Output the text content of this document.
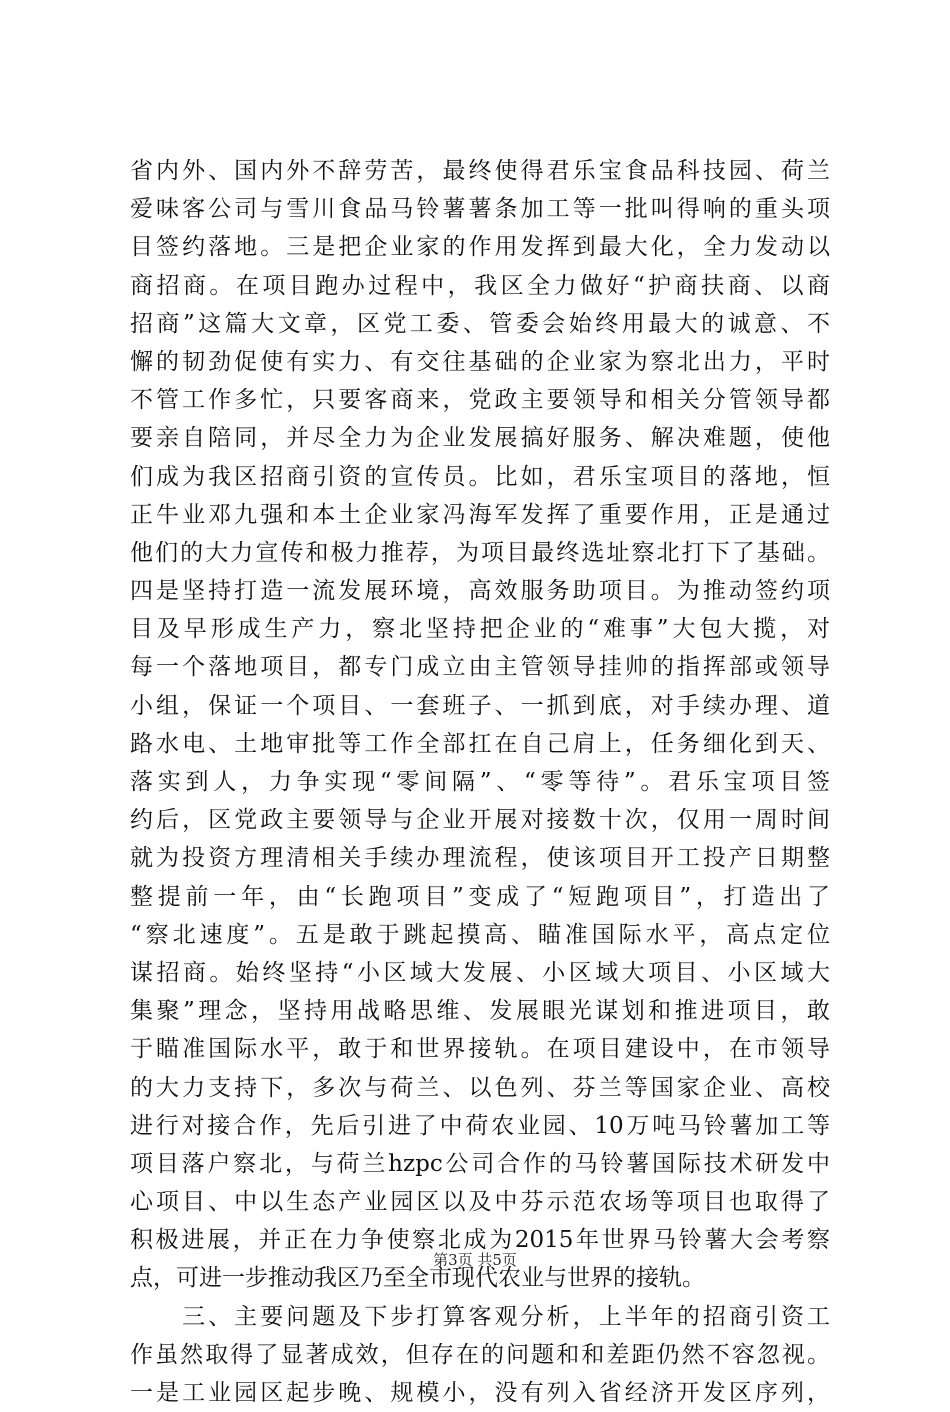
省内外、国内外不辞劳苦，最终使得君乐宝食品科技园、荷兰
爱味客公司与雪川食品马铃薯薯条加工等一批叫得响的重头项
目签约落地。三是把企业家的作用发挥到最大化，全力发动以
商招商。在项目跑办过程中，我区全力做好“护商扶商、以商
招商”这篇大文章，区党工委、管委会始终用最大的诚意、不
懈的韧劲促使有实力、有交往基础的企业家为察北出力，平时
不管工作多忙，只要客商来，党政主要领导和相关分管领导都
要亲自陪同，并尽全力为企业发展搞好服务、解决难题，使他
们成为我区招商引资的宣传员。比如，君乐宝项目的落地，恒
正牛业邓九强和本土企业家冯海军发挥了重要作用，正是通过
他们的大力宣传和极力推荐，为项目最终选址察北打下了基础。
四是坚持打造一流发展环境，高效服务助项目。为推动签约项
目及早形成生产力，察北坚持把企业的“难事”大包大揽，对
每一个落地项目，都专门成立由主管领导挂帅的指挥部或领导
小组，保证一个项目、一套班子、一抓到底，对手续办理、道
路水电、土地审批等工作全部扛在自己肩上，任务细化到天、
落实到人，力争实现“零间隔”、“零等待”。君乐宝项目签
约后，区党政主要领导与企业开展对接数十次，仅用一周时间
就为投资方理清相关手续办理流程，使该项目开工投产日期整
整提前一年，由“长跑项目”变成了“短跑项目”，打造出了
“察北速度”。五是敢于跳起摸高、瞄准国际水平，高点定位
谋招商。始终坚持“小区域大发展、小区域大项目、小区域大
集聚”理念，坚持用战略思维、发展眼光谋划和推进项目，敢
于瞄准国际水平，敢于和世界接轨。在项目建设中，在市领导
的大力支持下，多次与荷兰、以色列、芬兰等国家企业、高校
进行对接合作，先后引进了中荷农业园、10万吨马铃薯加工等
项目落户察北，与荷兰hzpc公司合作的马铃薯国际技术研发中
心项目、中以生态产业园区以及中芬示范农场等项目也取得了
积极进展，并正在力争使察北成为2015年世界马铃薯大会考察
点，可进一步推动我区乃至全市现代农业与世界的接轨。
　　三、主要问题及下步打算客观分析，上半年的招商引资工
作虽然取得了显著成效，但存在的问题和和差距仍然不容忽视。
一是工业园区起步晚、规模小，没有列入省经济开发区序列，
第3页 共5页
